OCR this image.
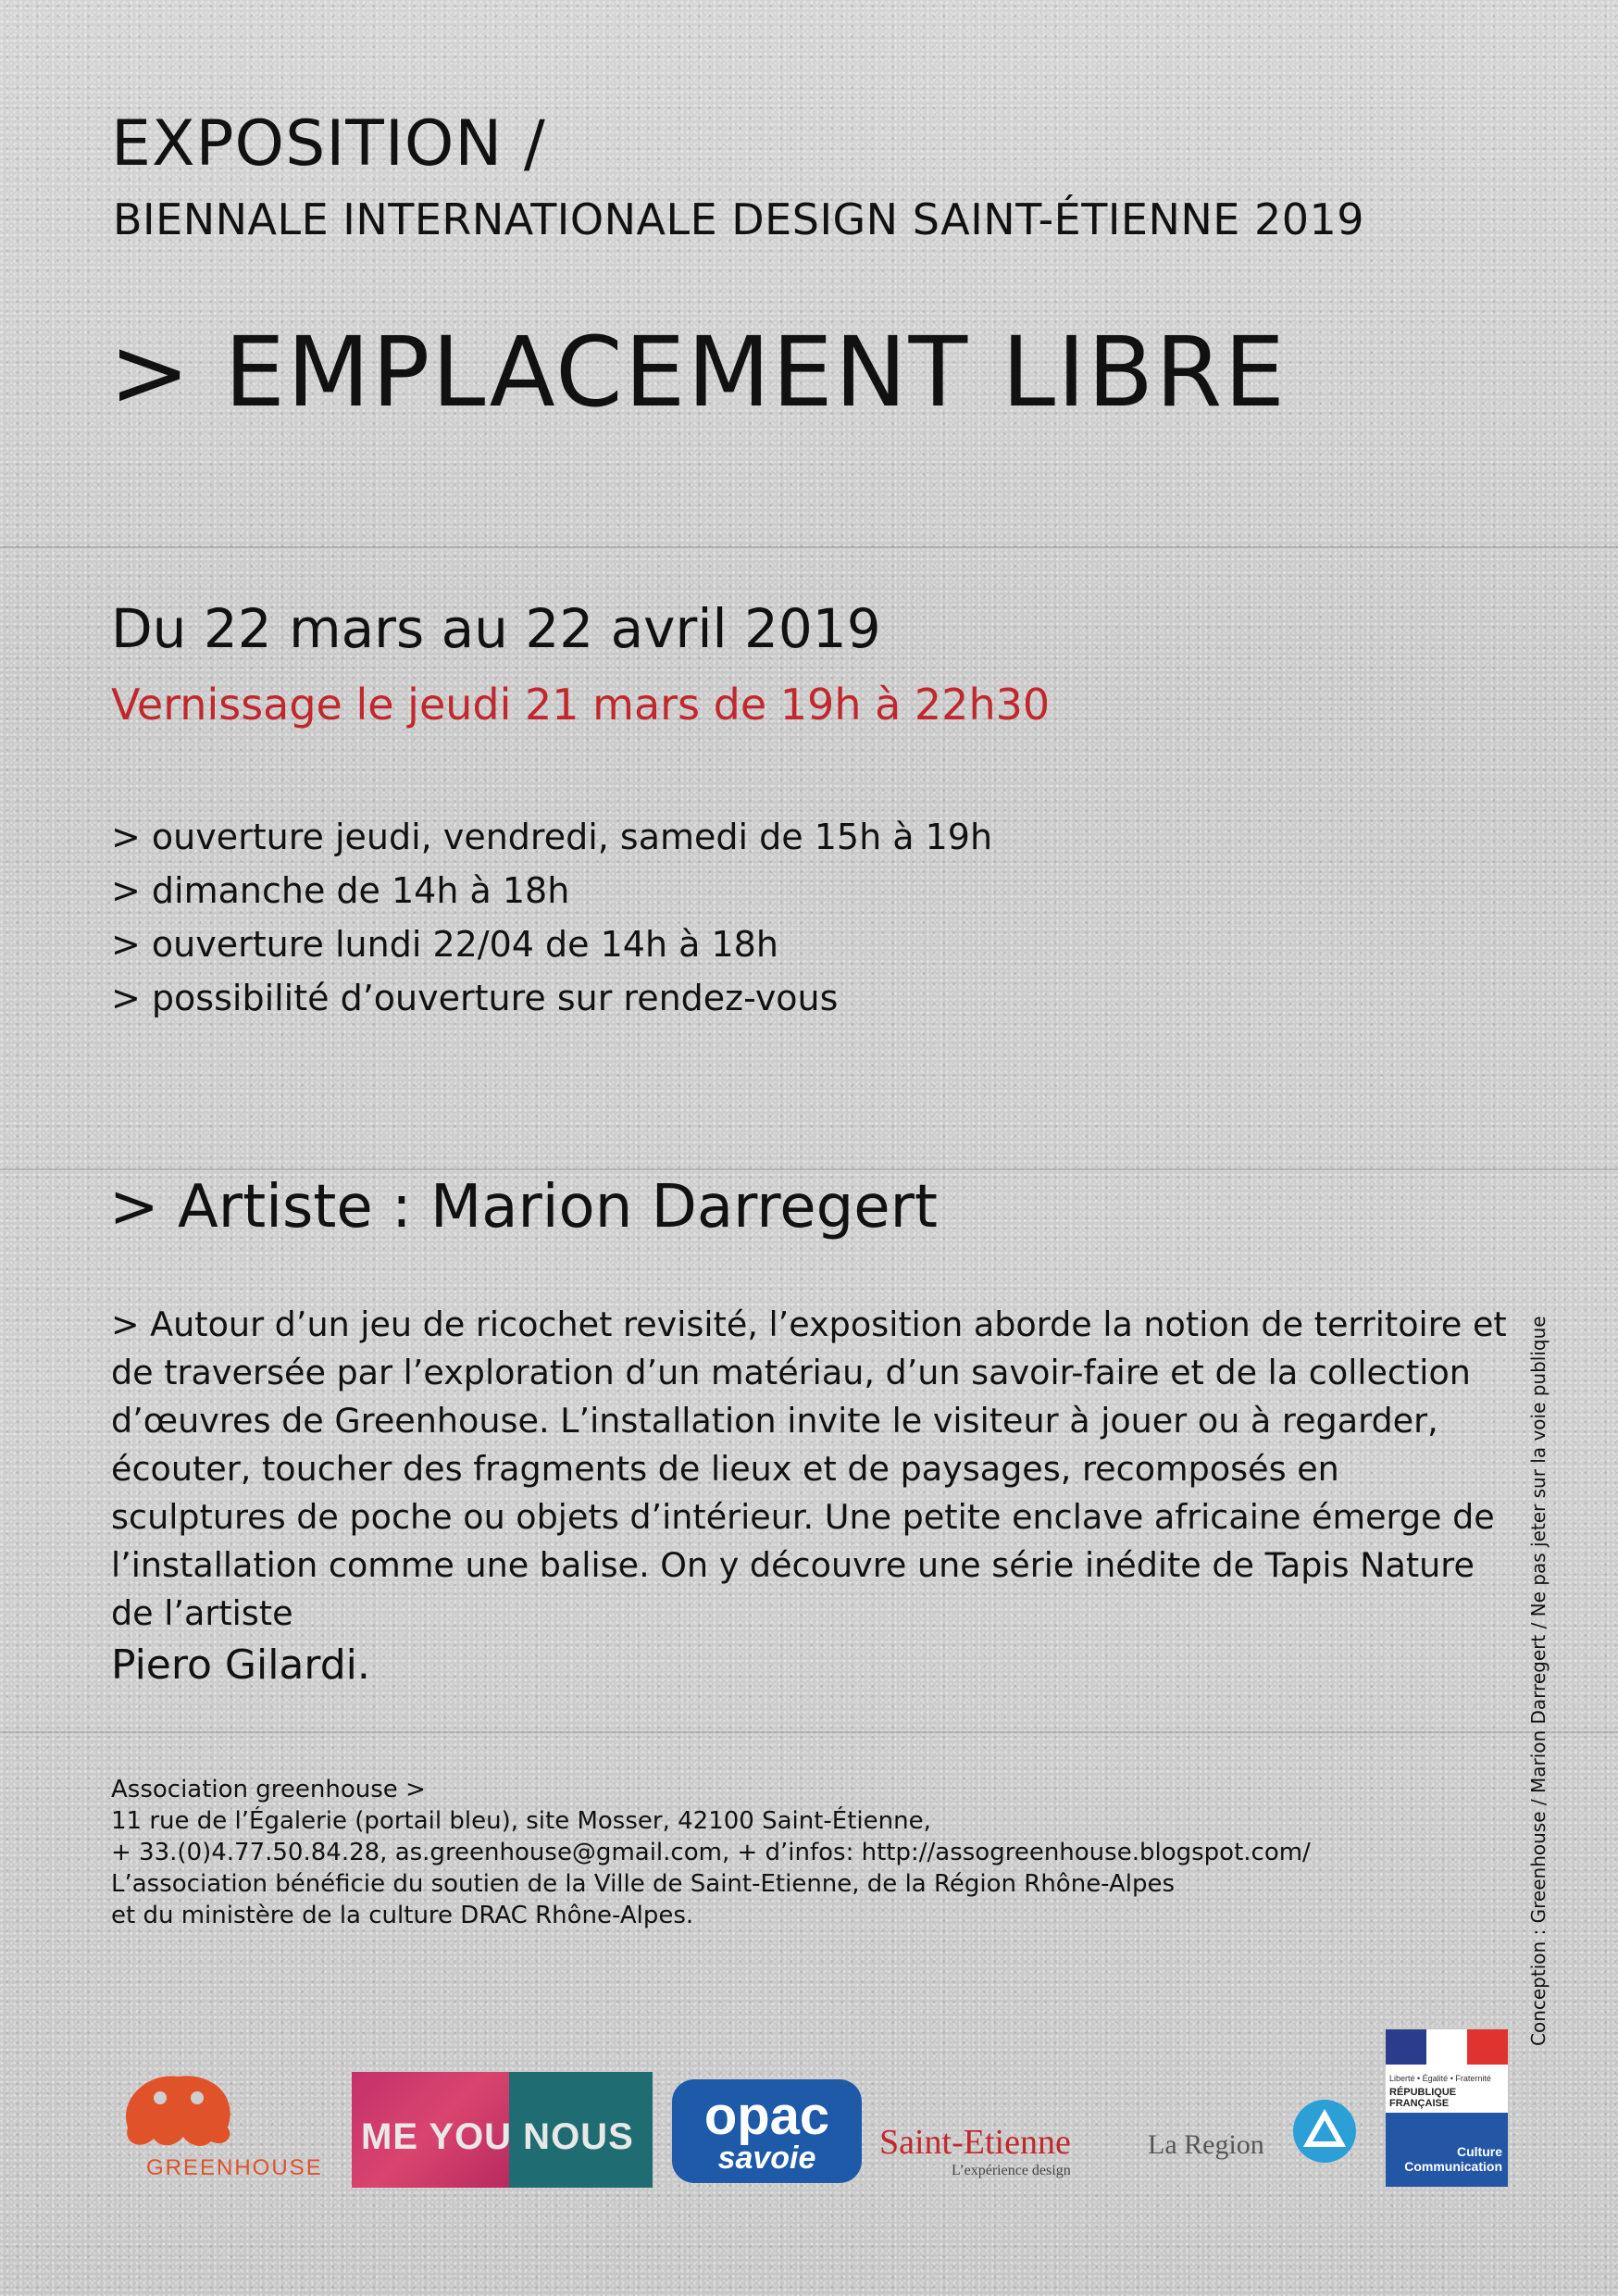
EXPOSITION /
BIENNALE INTERNATIONALE DESIGN SAINT-ÉTIENNE 2019
> EMPLACEMENT LIBRE
Du 22 mars au 22 avril 2019
Vernissage le jeudi 21 mars de 19h à 22h30
> ouverture jeudi, vendredi, samedi de 15h à 19h
> dimanche de 14h à 18h
> ouverture lundi 22/04 de 14h à 18h
> possibilité d’ouverture sur rendez-vous
> Artiste : Marion Darregert
> Autour d’un jeu de ricochet revisité, l’exposition aborde la notion de territoire et de traversée par l’exploration d’un matériau, d’un savoir-faire et de la collection d’œuvres de Greenhouse. L’installation invite le visiteur à jouer ou à regarder, écouter, toucher des fragments de lieux et de paysages, recomposés en sculptures de poche ou objets d’intérieur. Une petite enclave africaine émerge de l’installation comme une balise. On y découvre une série inédite de Tapis Nature de l’artiste
Piero Gilardi.
Association greenhouse >
11 rue de l’Égalerie (portail bleu), site Mosser, 42100 Saint-Étienne,
+ 33.(0)4.77.50.84.28, as.greenhouse@gmail.com, + d’infos: http://assogreenhouse.blogspot.com/
L’association bénéficie du soutien de la Ville de Saint-Etienne, de la Région Rhône-Alpes
et du ministère de la culture DRAC Rhône-Alpes.	Conception : Greenhouse / Marion Darregert / Ne pas jeter sur la voie publique
GREENHOUSE
ME YOU NOUS	opac
savoie	Saint-Etienne
L’expérience design
La Region
Liberté • Égalité • Fraternité
RÉPUBLIQUE FRANÇAISE
Culture Communication
